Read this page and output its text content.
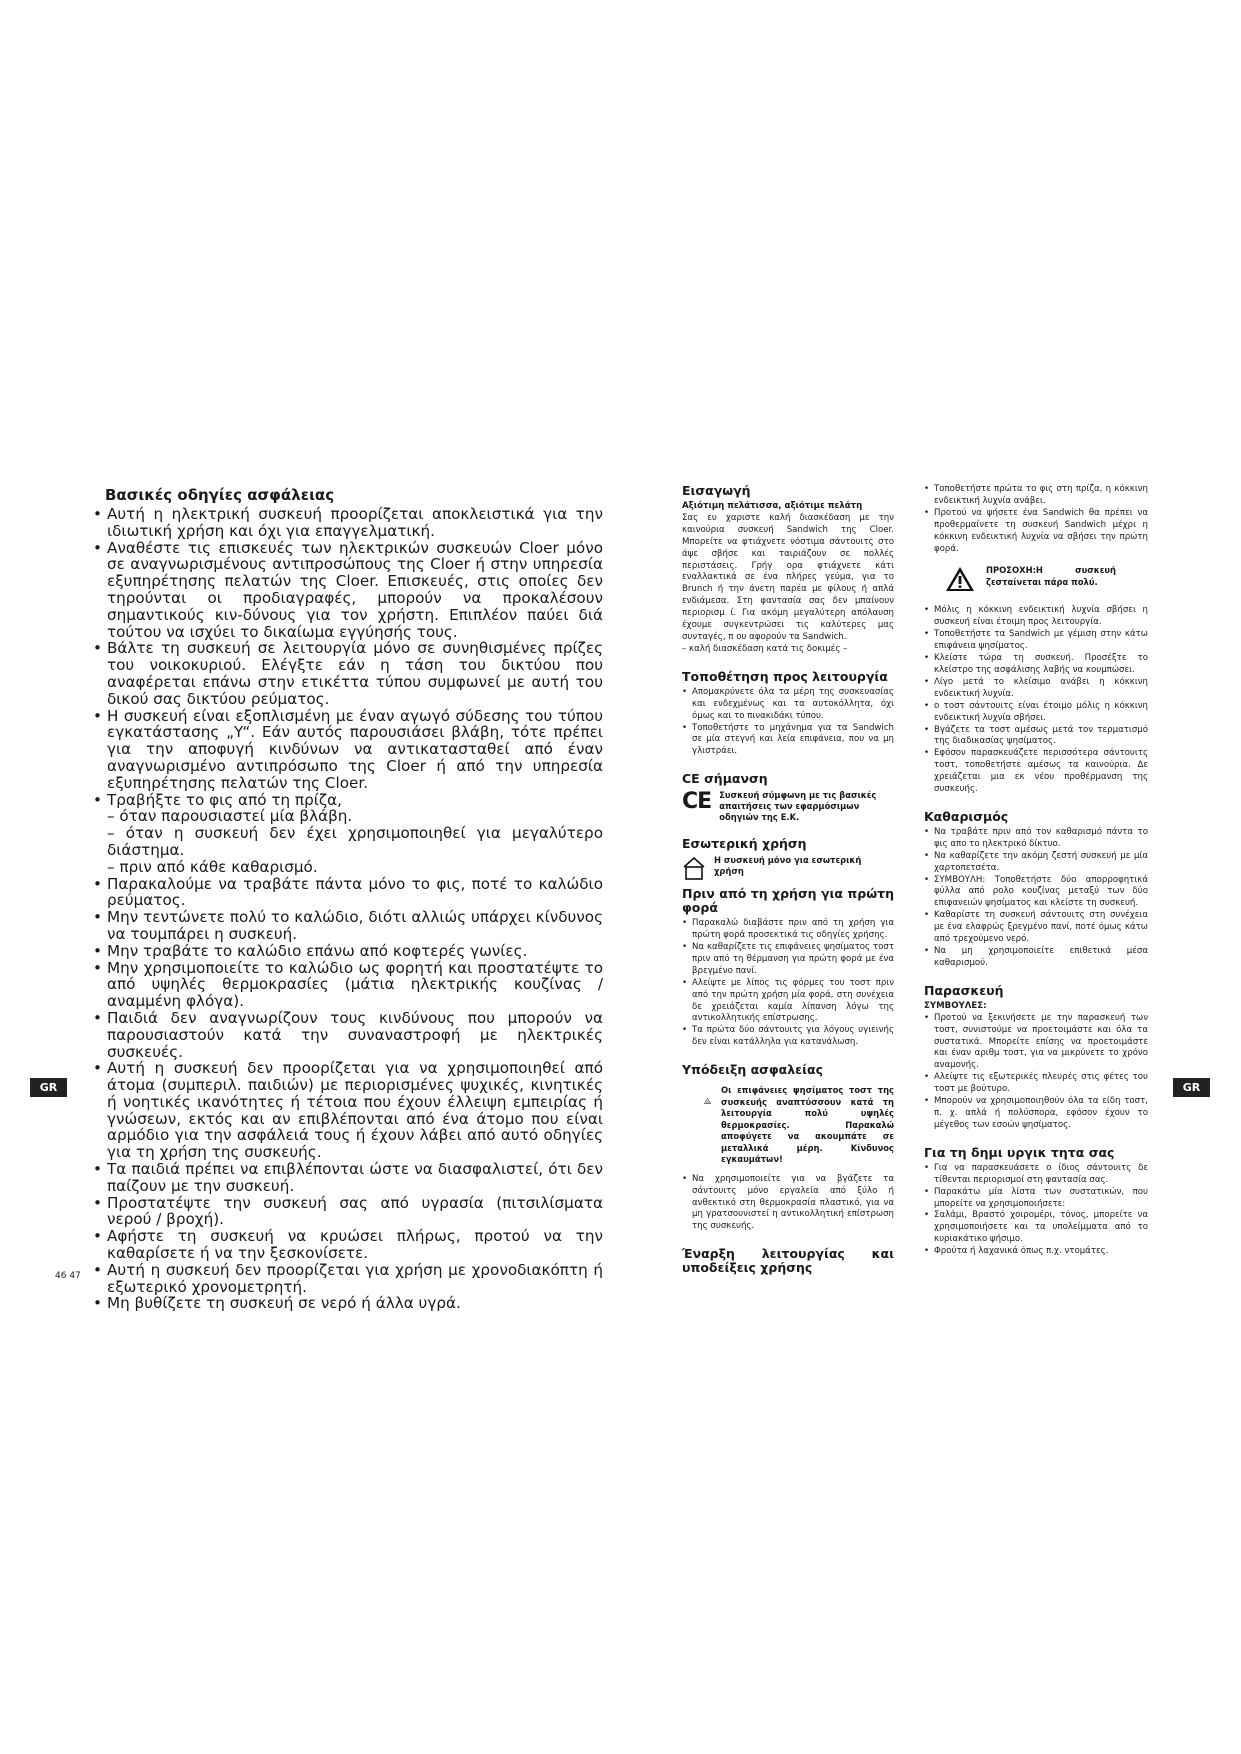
Βασικές οδηγίες ασφάλειας
• Αυτή η ηλεκτρική συσκευή προορίζεται αποκλειστικά για την ιδιωτική χρήση και όχι για επαγγελματική.
• Αναθέστε τις επισκευές των ηλεκτρικών συσκευών Cloer μόνο σε αναγνωρισμένους αντιπροσώπους της Cloer ή στην υπηρεσία εξυπηρέτησης πελατών της Cloer. Επισκευές, στις οποίες δεν τηρούνται οι προδιαγραφές, μπορούν να προκαλέσουν σημαντικούς κιν-δύνους για τον χρήστη. Επιπλέον παύει διά τούτου να ισχύει το δικαίωμα εγγύησής τους.
• Βάλτε τη συσκευή σε λειτουργία μόνο σε συνηθισμένες πρίζες του νοικοκυριού. Ελέγξτε εάν η τάση του δικτύου που αναφέρεται επάνω στην ετικέττα τύπου συμφωνεί με αυτή του δικού σας δικτύου ρεύματος.
• Η συσκευή είναι εξοπλισμένη με έναν αγωγό σύδεσης του τύπου εγκατάστασης „Y“. Εάν αυτός παρουσιάσει βλάβη, τότε πρέπει για την αποφυγή κινδύνων να αντικατασταθεί από έναν αναγνωρισμένο αντιπρόσωπο της Cloer ή από την υπηρεσία εξυπηρέτησης πελατών της Cloer.
• Τραβήξτε το φις από τη πρίζα,
– όταν παρουσιαστεί μία βλάβη.
– όταν η συσκευή δεν έχει χρησιμοποιηθεί για μεγαλύτερο διάστημα.
– πριν από κάθε καθαρισμό.
• Παρακαλούμε να τραβάτε πάντα μόνο το φις, ποτέ το καλώδιο ρεύματος.
• Μην τεντώνετε πολύ το καλώδιο, διότι αλλιώς υπάρχει κίνδυνος να τουμπάρει η συσκευή.
• Μην τραβάτε το καλώδιο επάνω από κοφτερές γωνίες.
• Μην χρησιμοποιείτε το καλώδιο ως φορητή και προστατέψτε το από υψηλές θερμοκρασίες (μάτια ηλεκτρικής κουζίνας / αναμμένη φλόγα).
• Παιδιά δεν αναγνωρίζουν τους κινδύνους που μπορούν να παρουσιαστούν κατά την συναναστροφή με ηλεκτρικές συσκευές.
• Αυτή η συσκευή δεν προορίζεται για να χρησιμοποιηθεί από άτομα (συμπεριλ. παιδιών) με περιορισμένες ψυχικές, κινητικές ή νοητικές ικανότητες ή τέτοια που έχουν έλλειψη εμπειρίας ή γνώσεων, εκτός και αν επιβλέπονται από ένα άτομο που είναι αρμόδιο για την ασφάλειά τους ή έχουν λάβει από αυτό οδηγίες για τη χρήση της συσκευής.
• Τα παιδιά πρέπει να επιβλέπονται ώστε να διασφαλιστεί, ότι δεν παίζουν με την συσκευή.
• Προστατέψτε την συσκευή σας από υγρασία (πιτσιλίσματα νερού / βροχή).
• Αφήστε τη συσκευή να κρυώσει πλήρως, προτού να την καθαρίσετε ή να την ξεσκονίσετε.
• Αυτή η συσκευή δεν προορίζεται για χρήση με χρονοδιακόπτη ή εξωτερικό χρονομετρητή.
• Μη βυθίζετε τη συσκευή σε νερό ή άλλα υγρά.
GR	GR
46 47
Εισαγωγή

Αξιότιμη πελάτισσα, αξιότιμε πελάτη

Σας ευ χαριστε καλή διασκέδαση με την καινούρια συσκευή Sandwich της Cloer. Μπορείτε να φτιάχνετε νόστιμα σάντουιτς στο άψε σβήσε και ταιριάζουν σε πολλές περιστάσεις. Γρήγ ορα φτιάχνετε κάτι εναλλακτικά σε ένα πλήρες γεύμα, για το Brunch ή την άνετη παρέα με φίλους ή απλά ενδιάμεσα. Στη φαντασία σας δεν μπαίνουν περιορισμ ί. Για ακόμη μεγαλύτερη απόλαυση έχουμε συγκεντρώσει τις καλύτερες μας συνταγές, π ου αφορούν τα Sandwich.

– καλή διασκέδαση κατά τις δοκιμές –

Τοποθέτηση προς λειτουργία
• Απομακρύνετε όλα τα μέρη της συσκευασίας και ενδεχμένως και τα αυτοκόλλητα, όχι όμως και το πινακιδάκι τύπου.
• Τοποθετήστε το μηχάνημα για τα Sandwich σε μία στεγνή και λεία επιφάνεια, που να μη γλιστράει.
CE σήμανση
CE Συσκευή σύμφωνη με τις βασικές απαιτήσεις των εφαρμόσιμων οδηγιών της Ε.Κ.
Εσωτερική χρήση
Η συσκευή μόνο για εσωτερική χρήση
Πριν από τη χρήση για πρώτη φορά
• Παρακαλώ διαβάστε πριν από τη χρήση για πρώτη φορά προσεκτικά τις οδηγίες χρήσης.
• Να καθαρίζετε τις επιφάνειες ψησίματος τοστ πριν από τη θέρμανση για πρώτη φορά με ένα βρεγμένο πανί.
• Αλείψτε με λίπος τις φόρμες του τοστ πριν από την πρώτη χρήση μία φορά, στη συνέχεια δε χρειάζεται καμία λίπανση λόγω της αντικολλητικής επίστρωσης.
• Τα πρώτα δύο σάντουιτς για λόγους υγιεινής δεν είναι κατάλληλα για κατανάλωση.
Υπόδειξη ασφαλείας
Οι επιφάνειες ψησίματος τοστ της συσκευής αναπτύσσουν κατά τη λειτουργία πολύ υψηλές θερμοκρασίες. Παρακαλώ αποφύγετε να ακουμπάτε σε μεταλλικά μέρη. Κίνδυνος εγκαυμάτων!
• Να χρησιμοποιείτε για να βγάζετε τα σάντουιτς μόνο εργαλεία από ξύλο ή ανθεκτικό στη θερμοκρασία πλαστικό, για να μη γρατσουνιστεί η αντικολλητική επίστρωση της συσκευής.
Έναρξη λειτουργίας και υποδείξεις χρήσης
• Τοποθετήστε πρώτα το φις στη πρίζα, η κόκκινη ενδεικτική λυχνία ανάβει.
• Προτού να ψήσετε ένα Sandwich θα πρέπει να προθερμαίνετε τη συσκευή Sandwich μέχρι η κόκκινη ενδεικτική λυχνία να σβήσει την πρώτη φορά.
ΠΡΟΣΟΧΗ:Η συσκευή ζεσταίνεται πάρα πολύ.
• Μόλις η κόκκινη ενδεικτική λυχνία σβήσει η συσκευή είναι έτοιμη προς λειτουργία.
• Τοποθετήστε τα Sandwich με γέμιση στην κάτω επιφάνεια ψησίματος.
• Κλείστε τώρα τη συσκευή. Προσέξτε το κλείστρο της ασφάλισης λαβής να κουμπώσει.
• Λίγο μετά το κλείσιμο ανάβει η κόκκινη ενδεικτική λυχνία.
• ο τοστ σάντουιτς είναι έτοιμο μόλις η κόκκινη ενδεικτική λυχνία σβήσει.
• Βγάζετε τα τοστ αμέσως μετά τον τερματισμό της διαδικασίας ψησίματος.
• Εφόσον παρασκευάζετε περισσότερα σάντουιτς τοστ, τοποθετήστε αμέσως τα καινούρια. Δε χρειάζεται μια εκ νέου προθέρμανση της συσκευής.
Καθαρισμός
• Να τραβάτε πριν από τον καθαρισμό πάντα το φις απο το ηλεκτρικό δίκτυο.
• Να καθαρίζετε την ακόμη ζεστή συσκευή με μία χαρτοπετσέτα.
• ΣΥΜΒΟΥΛΗ: Τοποθετήστε δύο απορροφητικά φύλλα από ρολο κουζίνας μεταξύ των δύο επιφανειών ψησίματος και κλείστε τη συσκευή.
• Καθαρίστε τη συσκευή σάντουιτς στη συνέχεια με ένα ελαφρώς ξρεγμένο πανί, ποτέ όμως κάτω από τρεχούμενο νερό.
• Να μη χρησιμοποιείτε επιθετικά μέσα καθαρισμού.
Παρασκευή

ΣΥΜΒΟΥΛΕΣ:

• Προτού να ξεκινήσετε με την παρασκευή των τοστ, συνιστούμε να προετοιμάστε και όλα τα συστατικά. Μπορείτε επίσης να προετοιμάστε και έναν αριθμ τοστ, για να μικρύνετε το χρόνο αναμονής.
• Αλείψτε τις εξωτερικές πλευρές στις φέτες του τοστ με βούτυρο.
• Μπορούν να χρησιμοποιηθούν όλα τα είδη τοστ, π. χ. απλά ή πολύσπορα, εφόσον έχουν το μέγεθος των εσοών ψησίματος.
Για τη δημι υργικ τητα σας
• Για να παρασκευάσετε ο ίδιος σάντουιτς δε τίθενται περιορισμοί στη φαντασία σας.
• Παρακάτω μία λίστα των συστατικών, που μπορείτε να χρησιμοποιήσετε:
• Σαλάμι, Βραστό χοιρομέρι, τόνος, μπορείτε να χρησιμοποιήσετε και τα υπολείμματα από το κυριακάτικο ψήσιμο.
• Φρούτα ή λαχανικά όπως π.χ. ντομάτες.
